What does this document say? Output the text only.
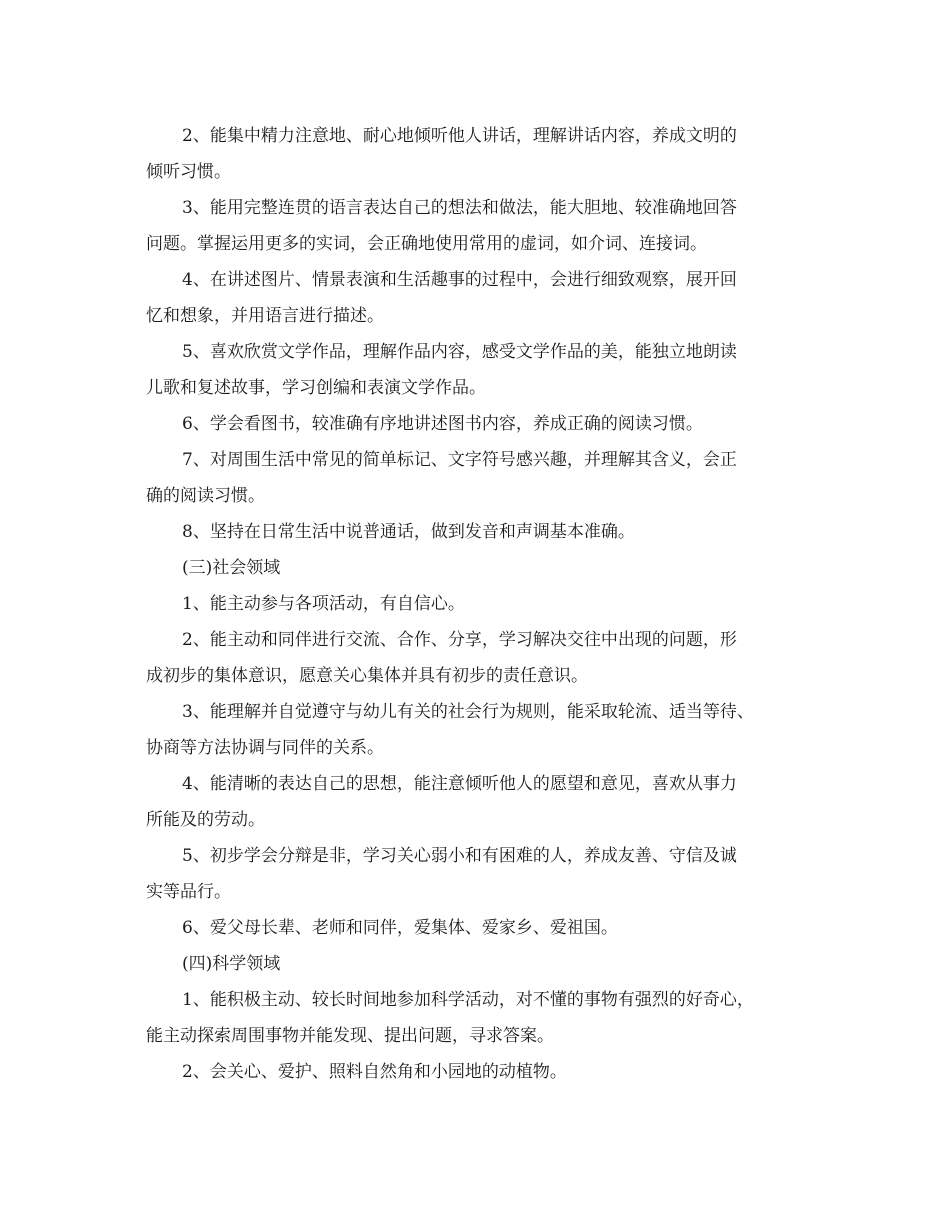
2、能集中精力注意地、耐心地倾听他人讲话，理解讲话内容，养成文明的
倾听习惯。

3、能用完整连贯的语言表达自己的想法和做法，能大胆地、较准确地回答
问题。掌握运用更多的实词，会正确地使用常用的虚词，如介词、连接词。

4、在讲述图片、情景表演和生活趣事的过程中，会进行细致观察，展开回
忆和想象，并用语言进行描述。

5、喜欢欣赏文学作品，理解作品内容，感受文学作品的美，能独立地朗读
儿歌和复述故事，学习创编和表演文学作品。

6、学会看图书，较准确有序地讲述图书内容，养成正确的阅读习惯。

7、对周围生活中常见的简单标记、文字符号感兴趣，并理解其含义，会正
确的阅读习惯。

8、坚持在日常生活中说普通话，做到发音和声调基本准确。

(三)社会领域

1、能主动参与各项活动，有自信心。

2、能主动和同伴进行交流、合作、分享，学习解决交往中出现的问题，形
成初步的集体意识，愿意关心集体并具有初步的责任意识。

3、能理解并自觉遵守与幼儿有关的社会行为规则，能采取轮流、适当等待、
协商等方法协调与同伴的关系。

4、能清晰的表达自己的思想，能注意倾听他人的愿望和意见，喜欢从事力
所能及的劳动。

5、初步学会分辩是非，学习关心弱小和有困难的人，养成友善、守信及诚
实等品行。

6、爱父母长辈、老师和同伴，爱集体、爱家乡、爱祖国。

(四)科学领域

1、能积极主动、较长时间地参加科学活动，对不懂的事物有强烈的好奇心，
能主动探索周围事物并能发现、提出问题，寻求答案。

2、会关心、爱护、照料自然角和小园地的动植物。
